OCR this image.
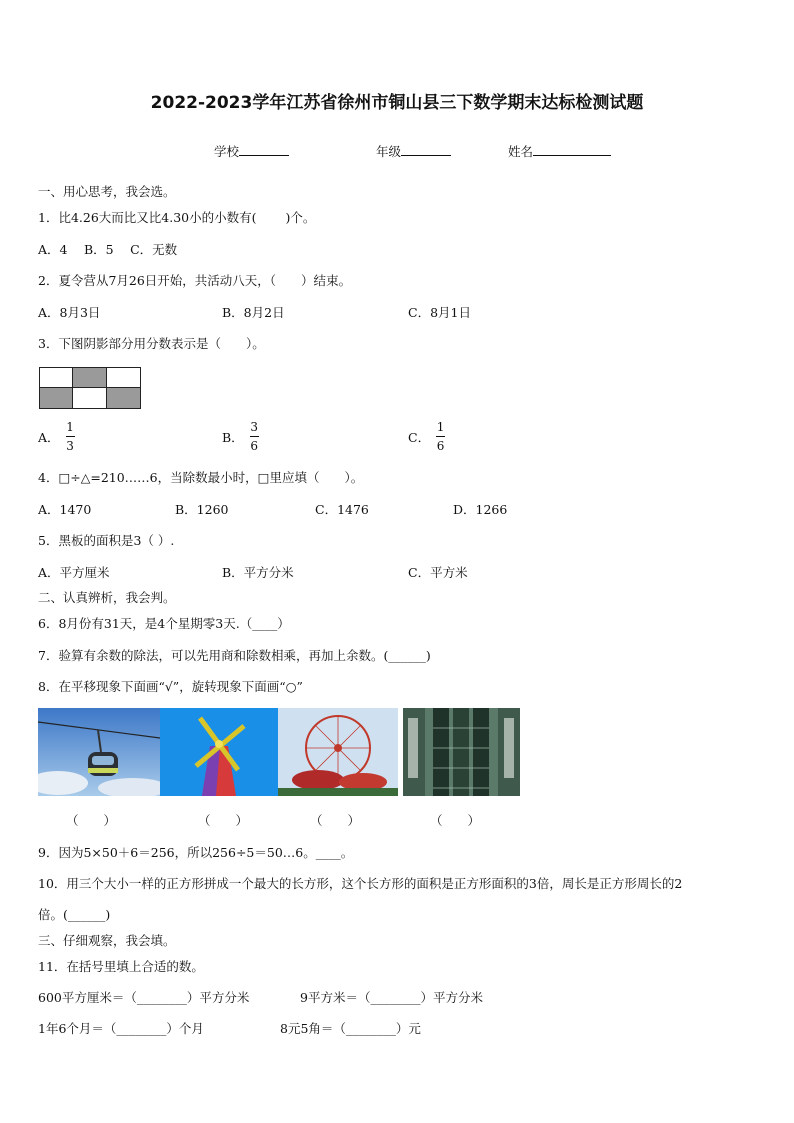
2022-2023学年江苏省徐州市铜山县三下数学期末达标检测试题
学校	年级	姓名
一、用心思考，我会选。
1．比4.26大而比又比4.30小的小数有(　　 )个。
A．4　 B．5　 C．无数
2．夏令营从7月26日开始，共活动八天，（　　）结束。
A．8月3日	B．8月2日	C．8月1日
3．下图阴影部分用分数表示是（　　）。
A． $\frac{1}{3}$	B． $\frac{3}{6}$	C． $\frac{1}{6}$
4．□÷△=210……6，当除数最小时，□里应填（　　）。
A．1470	B．1260	C．1476	D．1266
5．黑板的面积是3（ ）.
A．平方厘米	B．平方分米	C．平方米
二、认真辨析，我会判。
6．8月份有31天，是4个星期零3天.（____）
7．验算有余数的除法，可以先用商和除数相乘，再加上余数。(______)
8．在平移现象下面画“√”，旋转现象下面画“○”
（　　）	（　　）	（　　）	（　　）
9．因为5×50＋6＝256，所以256÷5＝50…6。____。
10．用三个大小一样的正方形拼成一个最大的长方形，这个长方形的面积是正方形面积的3倍，周长是正方形周长的2
倍。(______)
三、仔细观察，我会填。
11．在括号里填上合适的数。
600平方厘米＝（________）平方分米	9平方米＝（________）平方分米
1年6个月＝（________）个月	8元5角＝（________）元
